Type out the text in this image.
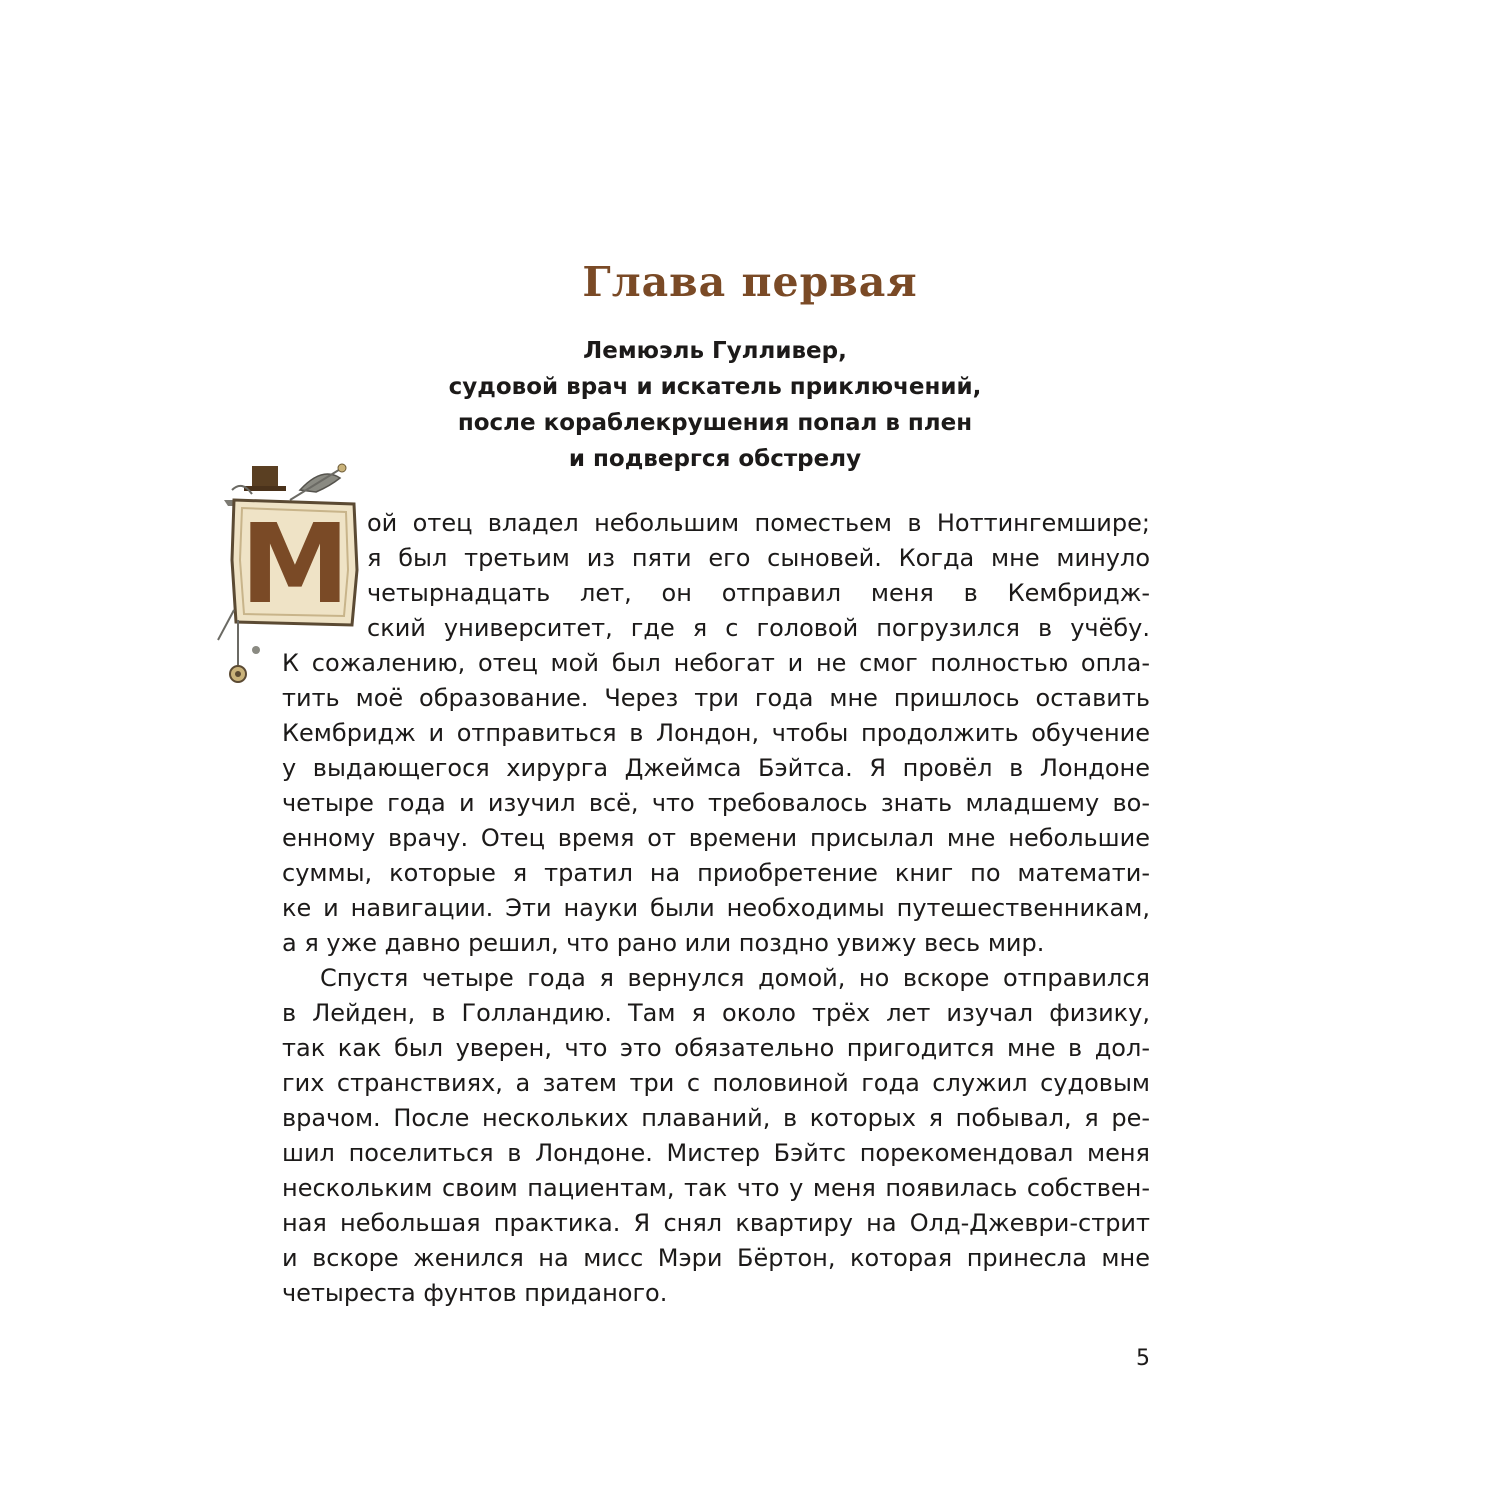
Глава первая
Лемюэль Гулливер,
судовой врач и искатель приключений,
после кораблекрушения попал в плен
и подвергся обстрелу
М ой отец владел небольшим поместьем в Ноттингемшире;
я был третьим из пяти его сыновей. Когда мне минуло
четырнадцать лет, он отправил меня в Кембридж-
ский университет, где я с головой погрузился в учёбу.
К сожалению, отец мой был небогат и не смог полностью опла-
тить моё образование. Через три года мне пришлось оставить
Кембридж и отправиться в Лондон, чтобы продолжить обучение
у выдающегося хирурга Джеймса Бэйтса. Я провёл в Лондоне
четыре года и изучил всё, что требовалось знать младшему во-
енному врачу. Отец время от времени присылал мне небольшие
суммы, которые я тратил на приобретение книг по математи-
ке и навигации. Эти науки были необходимы путешественникам,
а я уже давно решил, что рано или поздно увижу весь мир.
Спустя четыре года я вернулся домой, но вскоре отправился
в Лейден, в Голландию. Там я около трёх лет изучал физику,
так как был уверен, что это обязательно пригодится мне в дол-
гих странствиях, а затем три с половиной года служил судовым
врачом. После нескольких плаваний, в которых я побывал, я ре-
шил поселиться в Лондоне. Мистер Бэйтс порекомендовал меня
нескольким своим пациентам, так что у меня появилась собствен-
ная небольшая практика. Я снял квартиру на Олд-Джеври-стрит
и вскоре женился на мисс Мэри Бёртон, которая принесла мне
четыреста фунтов приданого.
5
